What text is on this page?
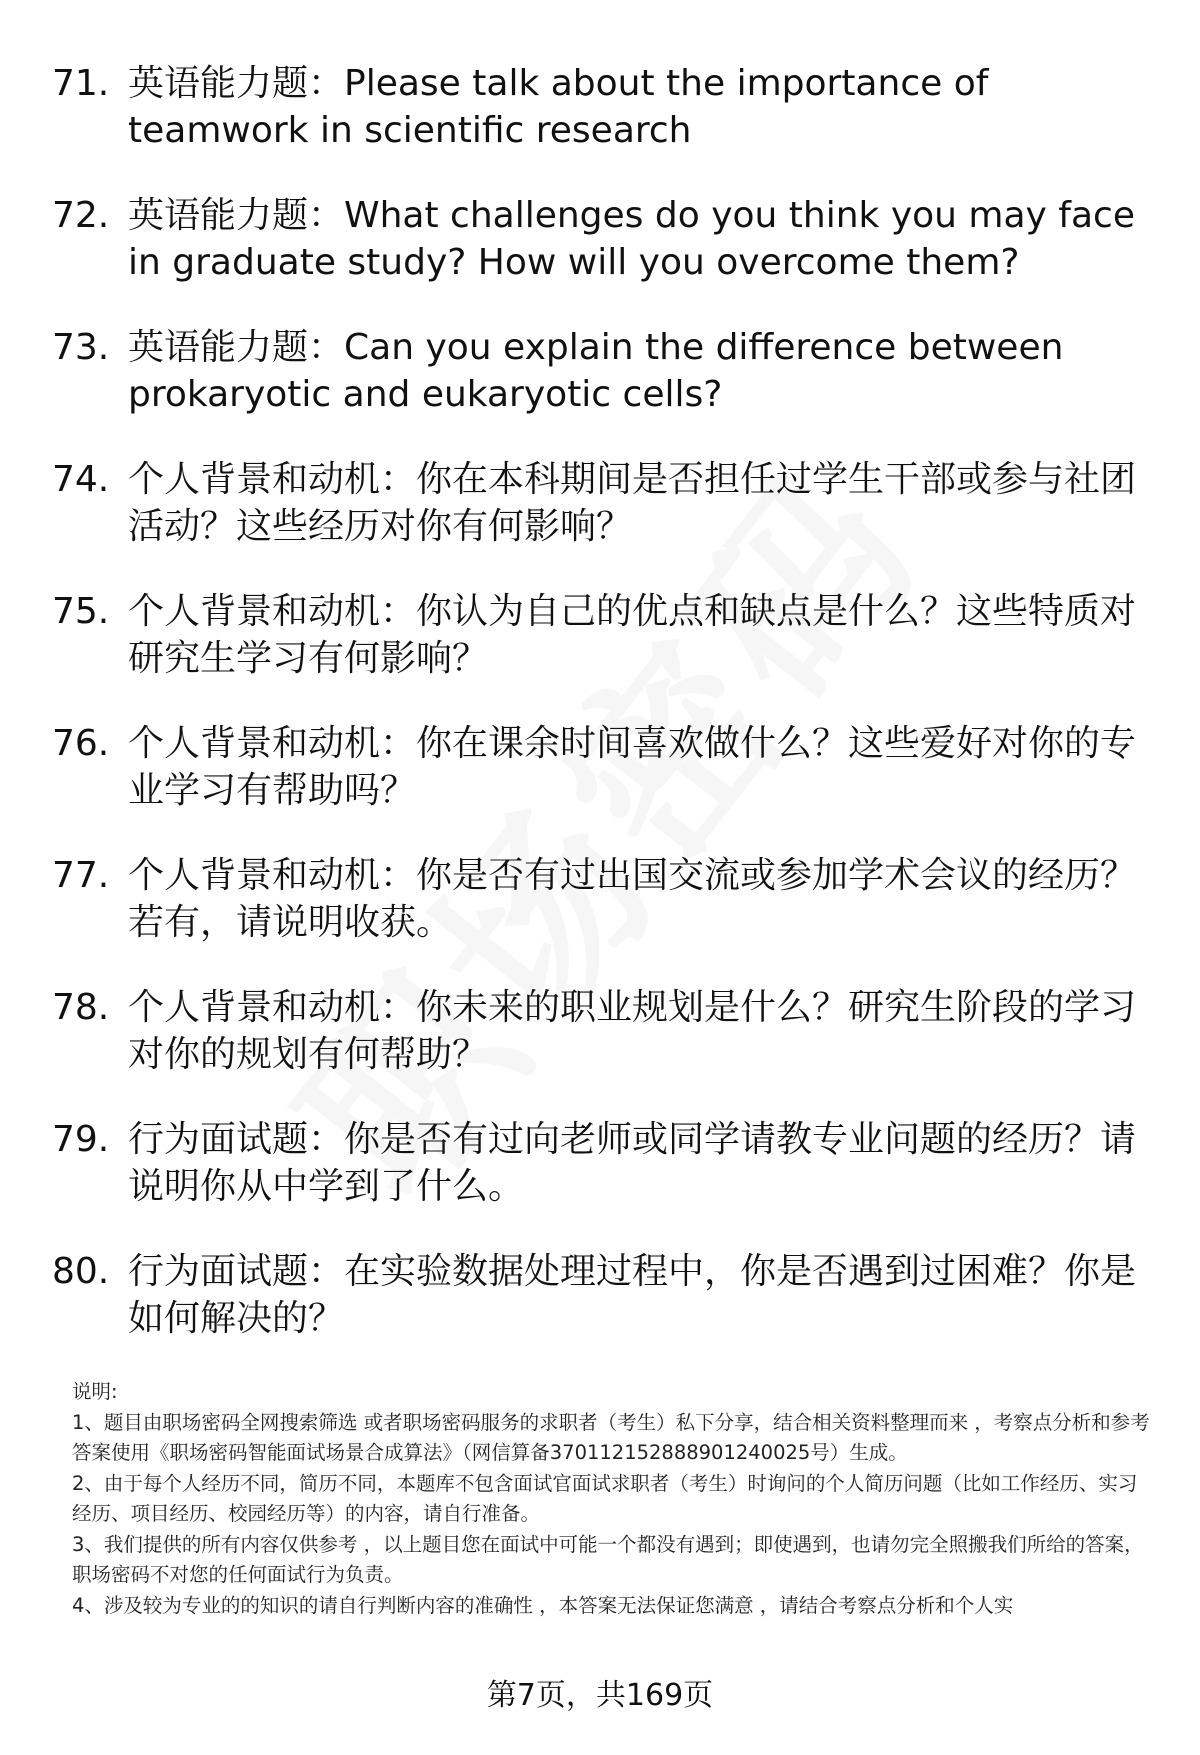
71. 英语能力题：Please talk about the importance of teamwork in scientific research
72. 英语能力题：What challenges do you think you may face in graduate study? How will you overcome them?
73. 英语能力题：Can you explain the difference between prokaryotic and eukaryotic cells?
74. 个人背景和动机：你在本科期间是否担任过学生干部或参与社团活动？这些经历对你有何影响？
75. 个人背景和动机：你认为自己的优点和缺点是什么？这些特质对研究生学习有何影响？
76. 个人背景和动机：你在课余时间喜欢做什么？这些爱好对你的专业学习有帮助吗？
77. 个人背景和动机：你是否有过出国交流或参加学术会议的经历？若有，请说明收获。
78. 个人背景和动机：你未来的职业规划是什么？研究生阶段的学习对你的规划有何帮助？
79. 行为面试题：你是否有过向老师或同学请教专业问题的经历？请说明你从中学到了什么。
80. 行为面试题：在实验数据处理过程中，你是否遇到过困难？你是如何解决的？

说明:

1、题目由职场密码全网搜索筛选 或者职场密码服务的求职者（考生）私下分享，结合相关资料整理而来 ，考察点分析和参考答案使用《职场密码智能面试场景合成算法》（网信算备370112152888901240025号）生成。

2、由于每个人经历不同，简历不同，本题库不包含面试官面试求职者（考生）时询问的个人简历问题（比如工作经历、实习经历、项目经历、校园经历等）的内容，请自行准备。

3、我们提供的所有内容仅供参考 ，以上题目您在面试中可能一个都没有遇到；即使遇到，也请勿完全照搬我们所给的答案，职场密码不对您的任何面试行为负责。

4、涉及较为专业的的知识的请自行判断内容的准确性 ，本答案无法保证您满意 ，请结合考察点分析和个人实

第7页，共169页
